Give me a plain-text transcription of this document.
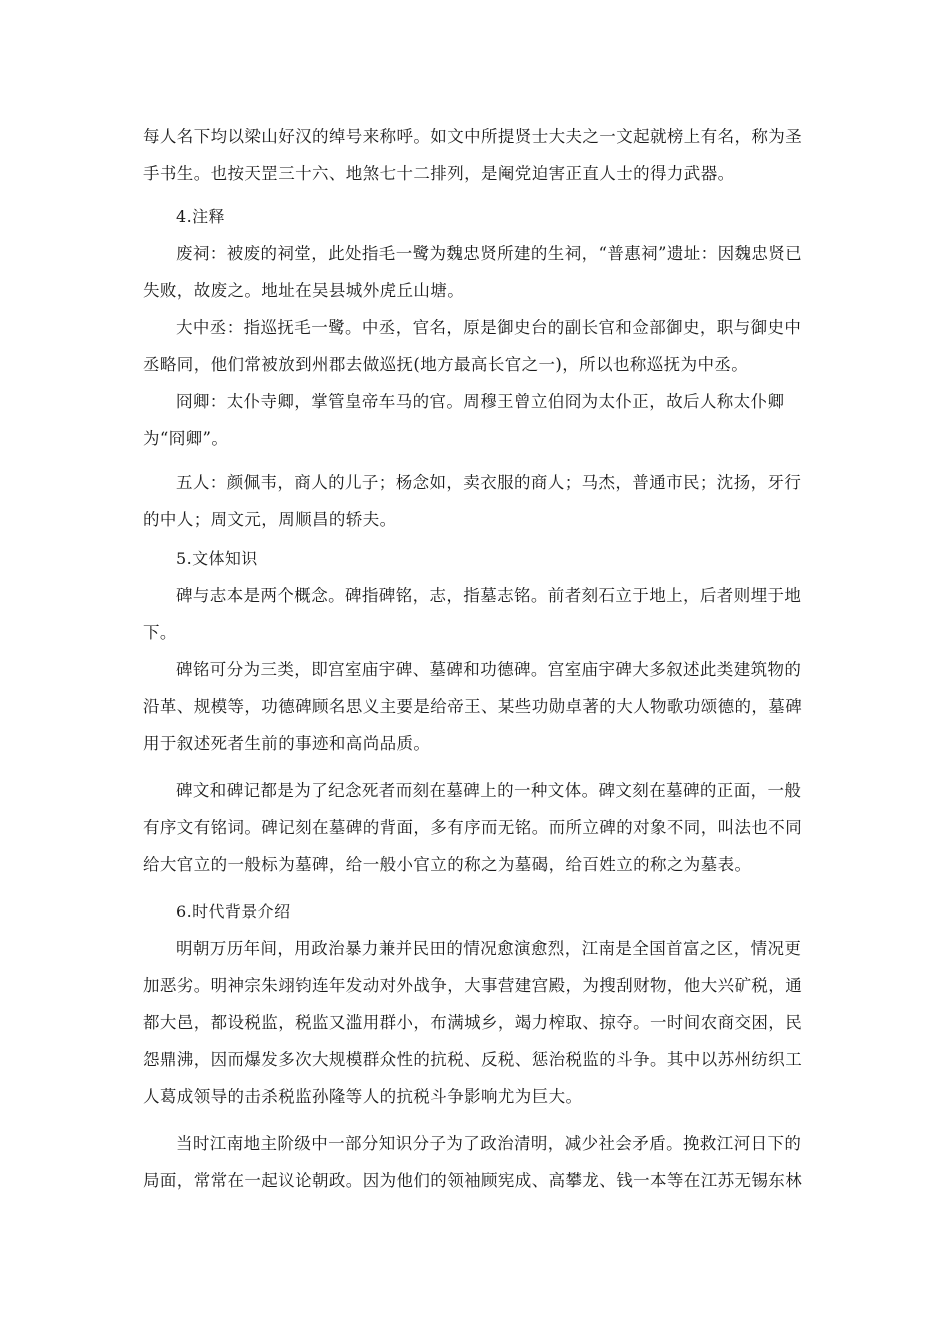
每人名下均以梁山好汉的绰号来称呼。如文中所提贤士大夫之一文起就榜上有名，称为圣手书生。也按天罡三十六、地煞七十二排列，是阉党迫害正直人士的得力武器。

4.注释

废祠：被废的祠堂，此处指毛一鹭为魏忠贤所建的生祠，“普惠祠”遗址：因魏忠贤已失败，故废之。地址在吴县城外虎丘山塘。

大中丞：指巡抚毛一鹭。中丞，官名，原是御史台的副长官和佥部御史，职与御史中丞略同，他们常被放到州郡去做巡抚(地方最高长官之一)，所以也称巡抚为中丞。

冏卿：太仆寺卿，掌管皇帝车马的官。周穆王曾立伯冏为太仆正，故后人称太仆卿为“冏卿”。

五人：颜佩韦，商人的儿子；杨念如，卖衣服的商人；马杰，普通市民；沈扬，牙行的中人；周文元，周顺昌的轿夫。

5.文体知识

碑与志本是两个概念。碑指碑铭，志，指墓志铭。前者刻石立于地上，后者则埋于地下。

碑铭可分为三类，即宫室庙宇碑、墓碑和功德碑。宫室庙宇碑大多叙述此类建筑物的沿革、规模等，功德碑顾名思义主要是给帝王、某些功勋卓著的大人物歌功颂德的，墓碑用于叙述死者生前的事迹和高尚品质。

碑文和碑记都是为了纪念死者而刻在墓碑上的一种文体。碑文刻在墓碑的正面，一般有序文有铭词。碑记刻在墓碑的背面，多有序而无铭。而所立碑的对象不同，叫法也不同给大官立的一般标为墓碑，给一般小官立的称之为墓碣，给百姓立的称之为墓表。

6.时代背景介绍

明朝万历年间，用政治暴力兼并民田的情况愈演愈烈，江南是全国首富之区，情况更加恶劣。明神宗朱翊钧连年发动对外战争，大事营建宫殿，为搜刮财物，他大兴矿税，通都大邑，都设税监，税监又滥用群小，布满城乡，竭力榨取、掠夺。一时间农商交困，民怨鼎沸，因而爆发多次大规模群众性的抗税、反税、惩治税监的斗争。其中以苏州纺织工人葛成领导的击杀税监孙隆等人的抗税斗争影响尤为巨大。

当时江南地主阶级中一部分知识分子为了政治清明，减少社会矛盾。挽救江河日下的局面，常常在一起议论朝政。因为他们的领袖顾宪成、高攀龙、钱一本等在江苏无锡东林
